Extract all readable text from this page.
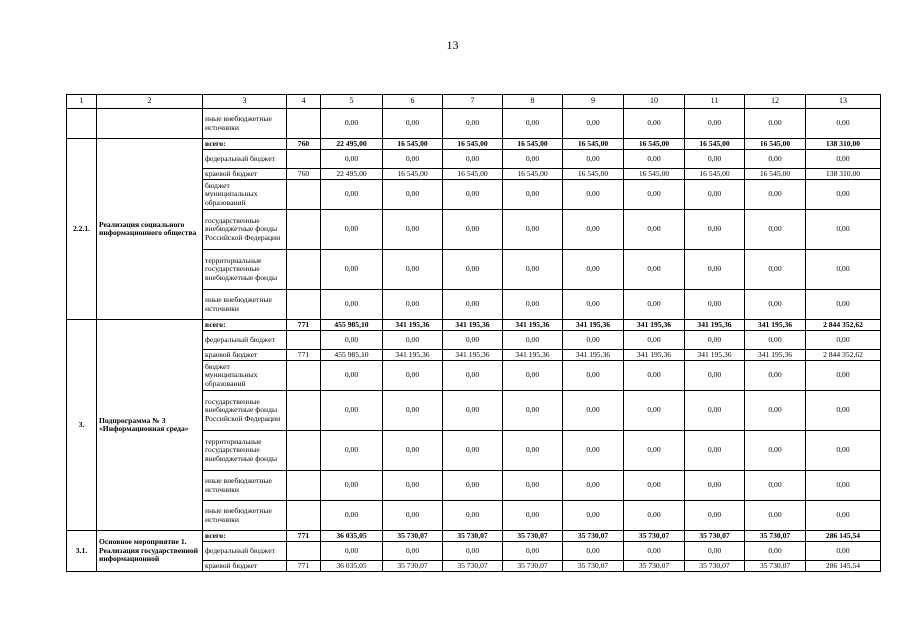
13
1	2	3	4	5	6	7	8	9	10	11	12	13
		иные внебюджетные источники		0,00	0,00	0,00	0,00	0,00	0,00	0,00	0,00	0,00
2.2.1.	Реализация социального информационного общества	всего:	760	22 495,00	16 545,00	16 545,00	16 545,00	16 545,00	16 545,00	16 545,00	16 545,00	138 310,00
		федеральный бюджет		0,00	0,00	0,00	0,00	0,00	0,00	0,00	0,00	0,00
		краевой бюджет	760	22 495,00	16 545,00	16 545,00	16 545,00	16 545,00	16 545,00	16 545,00	16 545,00	138 310,00
		бюджет муниципальных образований		0,00	0,00	0,00	0,00	0,00	0,00	0,00	0,00	0,00
		государственные внебюджетные фонды Российской Федерации		0,00	0,00	0,00	0,00	0,00	0,00	0,00	0,00	0,00
		территориальные государственные внебюджетные фонды		0,00	0,00	0,00	0,00	0,00	0,00	0,00	0,00	0,00
		иные внебюджетные источники		0,00	0,00	0,00	0,00	0,00	0,00	0,00	0,00	0,00
3.	Подпрограмма № 3 «Информационная среда»	всего:	771	455 985,10	341 195,36	341 195,36	341 195,36	341 195,36	341 195,36	341 195,36	341 195,36	2 844 352,62
		федеральный бюджет		0,00	0,00	0,00	0,00	0,00	0,00	0,00	0,00	0,00
		краевой бюджет	771	455 985,10	341 195,36	341 195,36	341 195,36	341 195,36	341 195,36	341 195,36	341 195,36	2 844 352,62
		бюджет муниципальных образований		0,00	0,00	0,00	0,00	0,00	0,00	0,00	0,00	0,00
		государственные внебюджетные фонды Российской Федерации		0,00	0,00	0,00	0,00	0,00	0,00	0,00	0,00	0,00
		территориальные государственные внебюджетные фонды		0,00	0,00	0,00	0,00	0,00	0,00	0,00	0,00	0,00
		иные внебюджетные источники		0,00	0,00	0,00	0,00	0,00	0,00	0,00	0,00	0,00
		иные внебюджетные источники		0,00	0,00	0,00	0,00	0,00	0,00	0,00	0,00	0,00
3.1.	Основное мероприятие 1. Реализация государственной информационной	всего:	771	36 035,05	35 730,07	35 730,07	35 730,07	35 730,07	35 730,07	35 730,07	35 730,07	286 145,54
		федеральный бюджет		0,00	0,00	0,00	0,00	0,00	0,00	0,00	0,00	0,00
		краевой бюджет	771	36 035,05	35 730,07	35 730,07	35 730,07	35 730,07	35 730,07	35 730,07	35 730,07	286 145,54
